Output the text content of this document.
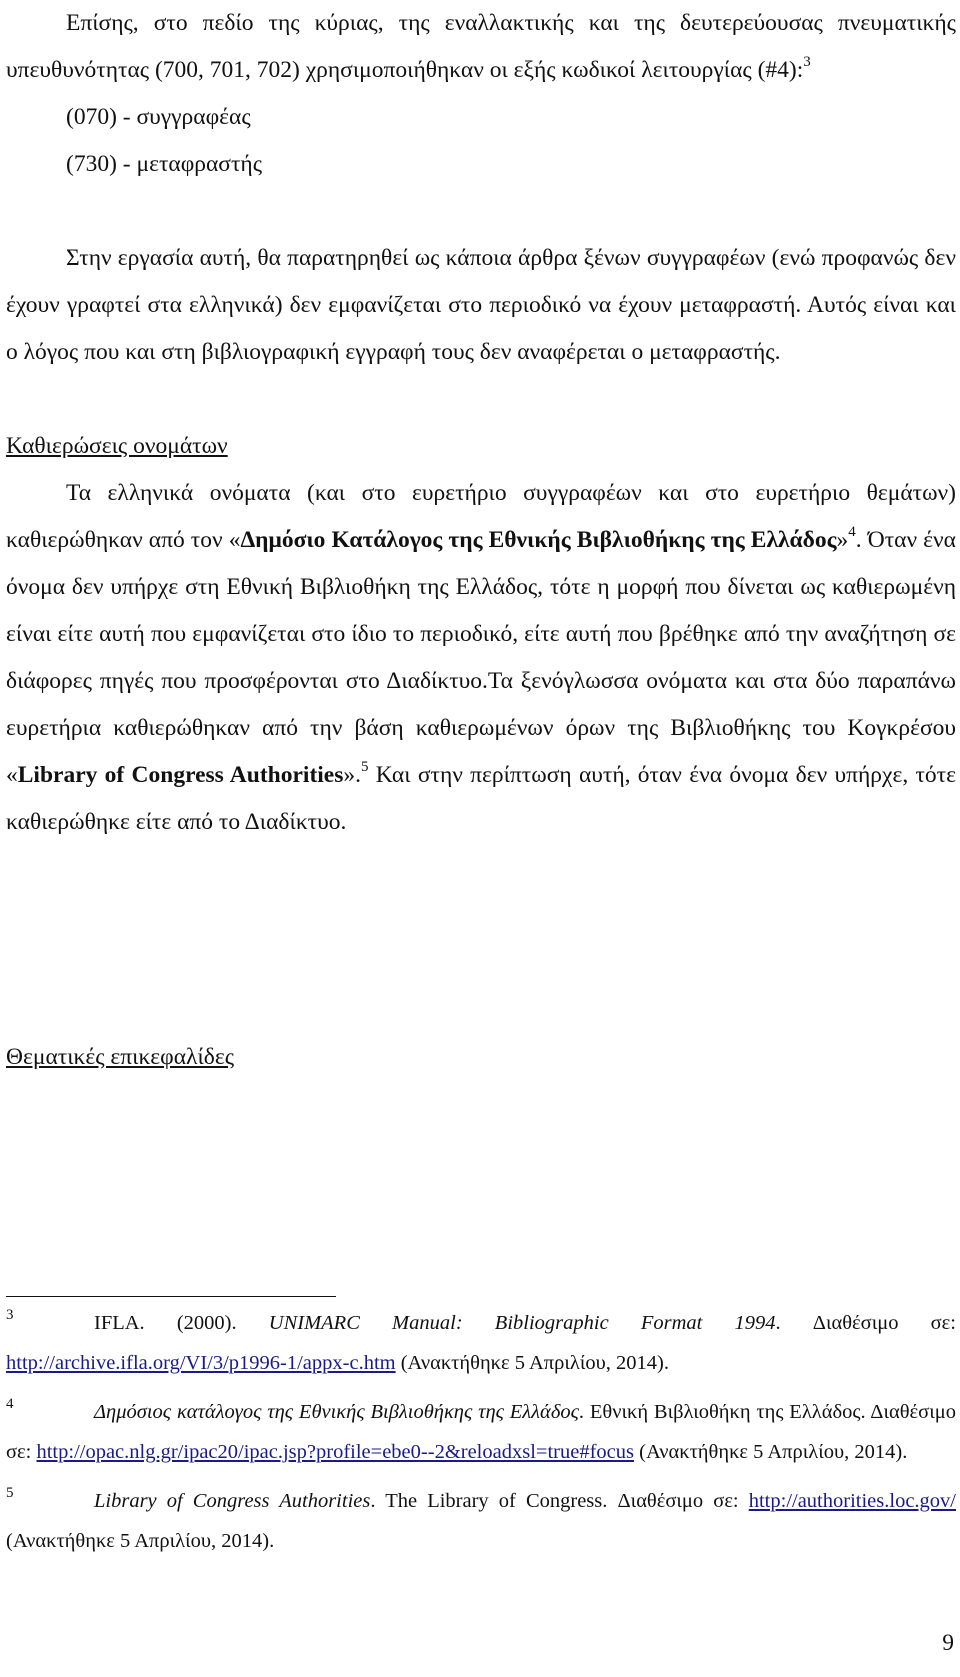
Επίσης, στο πεδίο της κύριας, της εναλλακτικής και της δευτερεύουσας πνευματικής υπευθυνότητας (700, 701, 702) χρησιμοποιήθηκαν οι εξής κωδικοί λειτουργίας (#4):$^3$

(070) - συγγραφέας

(730) - μεταφραστής

Στην εργασία αυτή, θα παρατηρηθεί ως κάποια άρθρα ξένων συγγραφέων (ενώ προφανώς δεν έχουν γραφτεί στα ελληνικά) δεν εμφανίζεται στο περιοδικό να έχουν μεταφραστή. Αυτός είναι και ο λόγος που και στη βιβλιογραφική εγγραφή τους δεν αναφέρεται ο μεταφραστής.

Καθιερώσεις ονομάτων

Τα ελληνικά ονόματα (και στο ευρετήριο συγγραφέων και στο ευρετήριο θεμάτων) καθιερώθηκαν από τον «Δημόσιο Κατάλογος της Εθνικής Βιβλιοθήκης της Ελλάδος»$^4$. Όταν ένα όνομα δεν υπήρχε στη Εθνική Βιβλιοθήκη της Ελλάδος, τότε η μορφή που δίνεται ως καθιερωμένη είναι είτε αυτή που εμφανίζεται στο ίδιο το περιοδικό, είτε αυτή που βρέθηκε από την αναζήτηση σε διάφορες πηγές που προσφέρονται στο Διαδίκτυο.Τα ξενόγλωσσα ονόματα και στα δύο παραπάνω ευρετήρια καθιερώθηκαν από την βάση καθιερωμένων όρων της Βιβλιοθήκης του Κογκρέσου «Library of Congress Authorities».$^5$ Και στην περίπτωση αυτή, όταν ένα όνομα δεν υπήρχε, τότε καθιερώθηκε είτε από το Διαδίκτυο.

Θεματικές επικεφαλίδες

3	IFLA. (2000). UNIMARC Manual: Bibliographic Format 1994. Διαθέσιμο σε: http://archive.ifla.org/VI/3/p1996-1/appx-c.htm (Ανακτήθηκε 5 Απριλίου, 2014).

4	Δημόσιος κατάλογος της Εθνικής Βιβλιοθήκης της Ελλάδος. Εθνική Βιβλιοθήκη της Ελλάδος. Διαθέσιμο σε: http://opac.nlg.gr/ipac20/ipac.jsp?profile=ebe0--2&reloadxsl=true#focus (Ανακτήθηκε 5 Απριλίου, 2014).

5	Library of Congress Authorities. The Library of Congress. Διαθέσιμο σε: http://authorities.loc.gov/ (Ανακτήθηκε 5 Απριλίου, 2014).

9
